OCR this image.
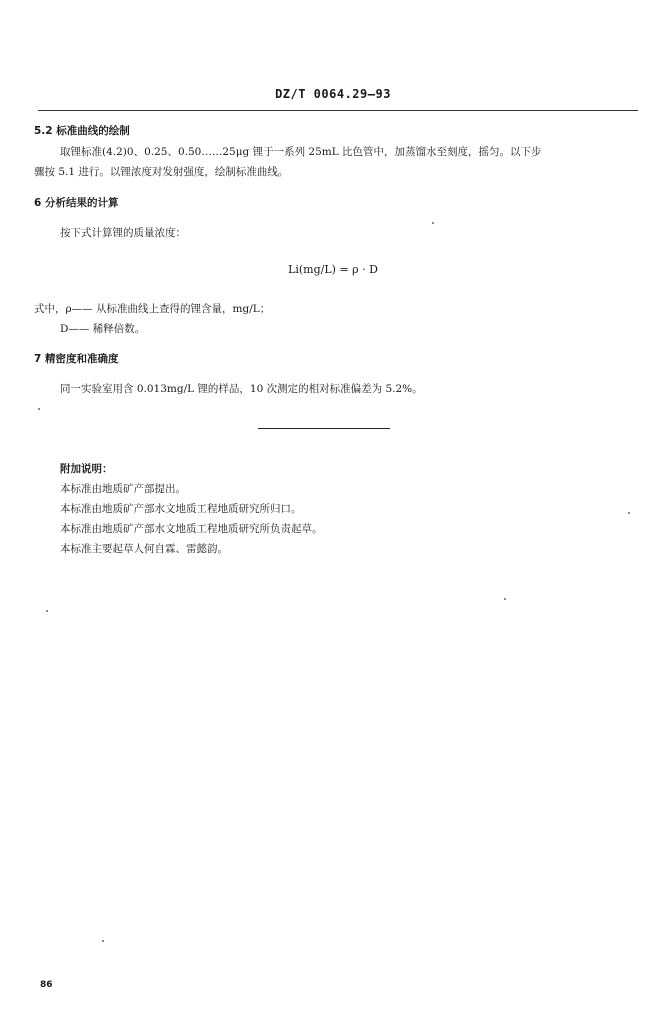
DZ/T 0064.29—93
5.2 标准曲线的绘制
取锂标准(4.2)0、0.25、0.50……25μg 锂于一系列 25mL 比色管中，加蒸馏水至刻度，摇匀。以下步
骤按 5.1 进行。以锂浓度对发射强度，绘制标准曲线。
6 分析结果的计算
按下式计算锂的质量浓度：
Li(mg/L) = ρ · D
式中，ρ—— 从标准曲线上查得的锂含量，mg/L；
D—— 稀释倍数。
7 精密度和准确度
同一实验室用含 0.013mg/L 锂的样品，10 次测定的相对标准偏差为 5.2%。
附加说明：
本标准由地质矿产部提出。
本标准由地质矿产部水文地质工程地质研究所归口。
本标准由地质矿产部水文地质工程地质研究所负责起草。
本标准主要起草人何自霖、雷懿韵。
86
